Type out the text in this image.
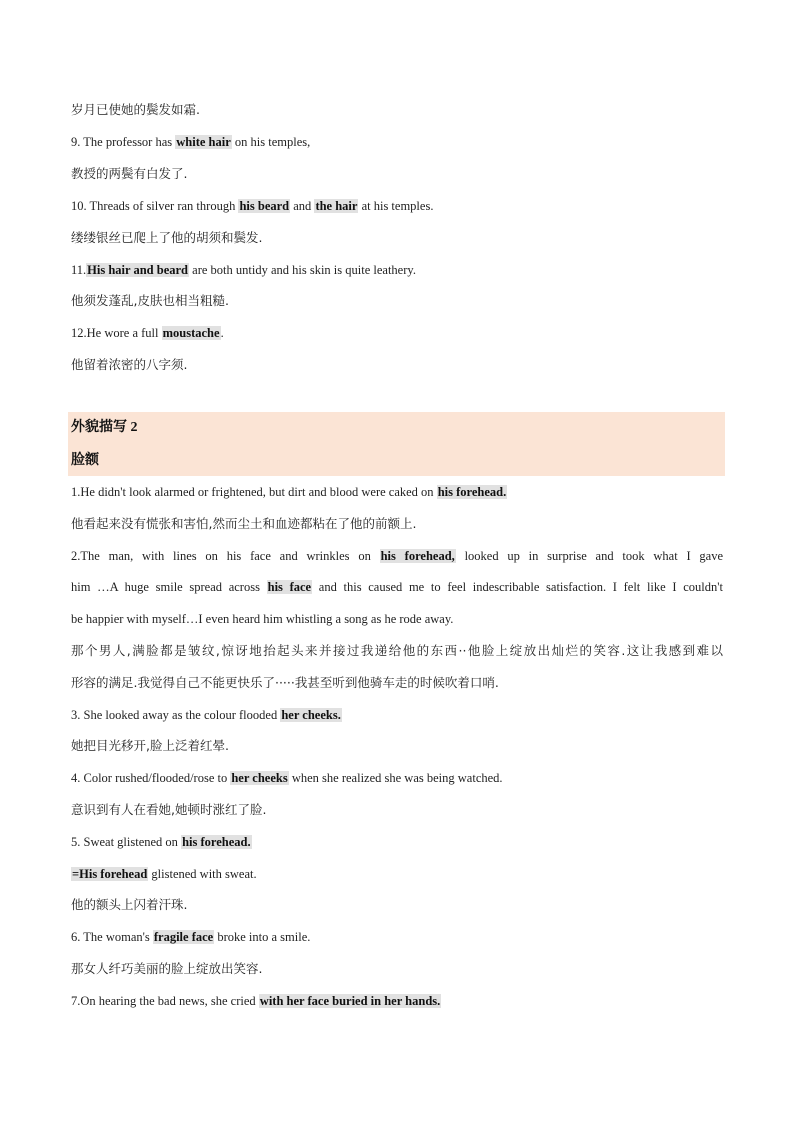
岁月已使她的鬓发如霜.
9. The professor has white hair on his temples,
教授的两鬓有白发了.
10. Threads of silver ran through his beard and the hair at his temples.
缕缕银丝已爬上了他的胡须和鬓发.
11.His hair and beard are both untidy and his skin is quite leathery.
他须发蓬乱,皮肤也相当粗糙.
12.He wore a full moustache.
他留着浓密的八字须.
外貌描写 2
脸额
1.He didn't look alarmed or frightened, but dirt and blood were caked on his forehead.
他看起来没有慌张和害怕,然而尘土和血迹都粘在了他的前额上.
2.The man, with lines on his face and wrinkles on his forehead, looked up in surprise and took what I gave
him …A huge smile spread across his face and this caused me to feel indescribable satisfaction. I felt like I couldn't
be happier with myself…I even heard him whistling a song as he rode away.
那个男人,满脸都是皱纹,惊讶地抬起头来并接过我递给他的东西··他脸上绽放出灿烂的笑容.这让我感到难以
形容的满足.我觉得自己不能更快乐了·····我甚至听到他骑车走的时候吹着口哨.
3. She looked away as the colour flooded her cheeks.
她把目光移开,脸上泛着红晕.
4. Color rushed/flooded/rose to her cheeks when she realized she was being watched.
意识到有人在看她,她顿时涨红了脸.
5. Sweat glistened on his forehead.
=His forehead glistened with sweat.
他的额头上闪着汗珠.
6. The woman's fragile face broke into a smile.
那女人纤巧美丽的脸上绽放出笑容.
7.On hearing the bad news, she cried with her face buried in her hands.
